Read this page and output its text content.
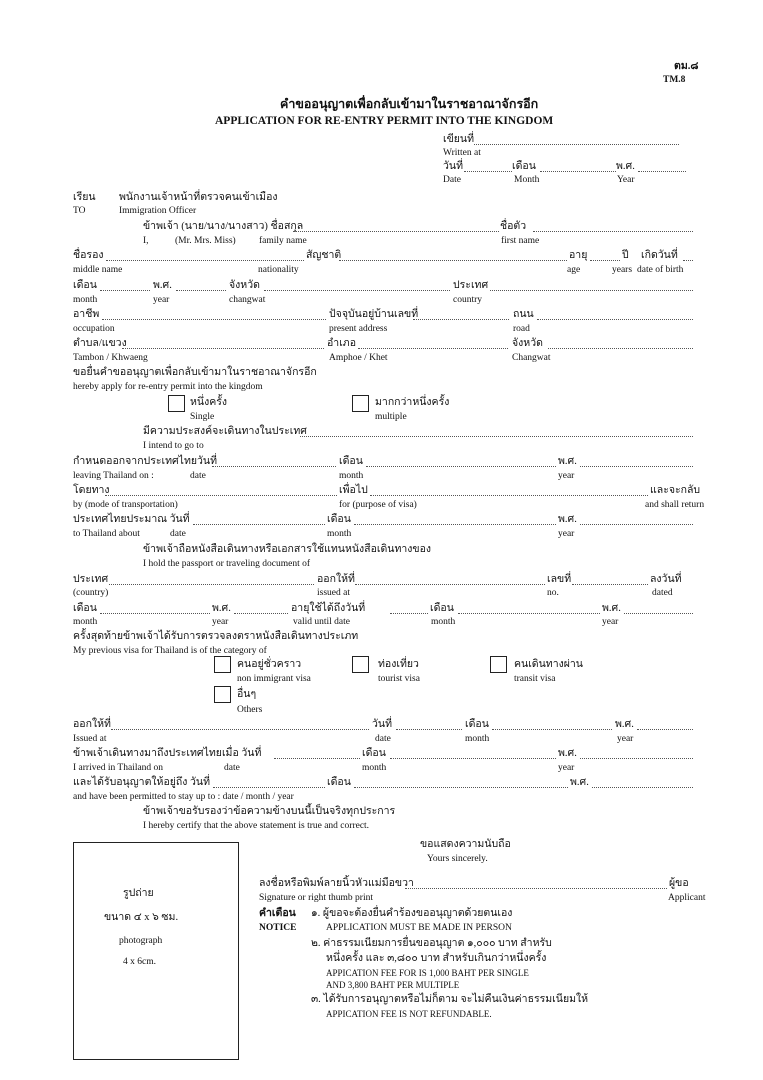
ตม.๘
TM.8
คำขออนุญาตเพื่อกลับเข้ามาในราชอาณาจักรอีก
APPLICATION FOR RE-ENTRY PERMIT INTO THE KINGDOM
เขียนที่
Written at
วันที่	เดือน	พ.ศ.
Date	Month	Year
เรียน พนักงานเจ้าหน้าที่ตรวจคนเข้าเมือง
TO	Immigration Officer
ข้าพเจ้า (นาย/นาง/นางสาว) ชื่อสกุล	ชื่อตัว
I,	(Mr. Mrs. Miss) family name	first name
ชื่อรอง	สัญชาติ	อายุ	ปี เกิดวันที่
middle name	nationality	age	years date of birth
เดือน	พ.ศ.	จังหวัด	ประเทศ
month	year	changwat	country
อาชีพ	ปัจจุบันอยู่บ้านเลขที่	ถนน
occupation	present address	road
ตำบล/แขวง	อำเภอ	จังหวัด
Tambon / Khwaeng	Amphoe / Khet	Changwat
ขอยื่นคำขออนุญาตเพื่อกลับเข้ามาในราชอาณาจักรอีก
hereby apply for re-entry permit into the kingdom
หนึ่งครั้ง
Single
มากกว่าหนึ่งครั้ง
multiple
มีความประสงค์จะเดินทางในประเทศ
I intend to go to
กำหนดออกจากประเทศไทยวันที่	เดือน	พ.ศ.
leaving Thailand on :	date	month	year
โดยทาง	เพื่อไป	และจะกลับ
by (mode of transportation)	for (purpose of visa)	and shall return
ประเทศไทยประมาณ วันที่	เดือน	พ.ศ.
to Thailand about	date	month	year
ข้าพเจ้าถือหนังสือเดินทางหรือเอกสารใช้แทนหนังสือเดินทางของ
I hold the passport or traveling document of
ประเทศ	ออกให้ที่	เลขที่	ลงวันที่
(country)	issued at	no.	dated
เดือน	พ.ศ.	อายุใช้ได้ถึงวันที่	เดือน	พ.ศ.
month	year	valid until date	month	year
ครั้งสุดท้ายข้าพเจ้าได้รับการตรวจลงตราหนังสือเดินทางประเภท
My previous visa for Thailand is of the category of
คนอยู่ชั่วคราว
non immigrant visa
ท่องเที่ยว
tourist visa
คนเดินทางผ่าน
transit visa
อื่นๆ
Others
ออกให้ที่	วันที่	เดือน	พ.ศ.
Issued at	date	month	year
ข้าพเจ้าเดินทางมาถึงประเทศไทยเมื่อ วันที่	เดือน	พ.ศ.
I arrived in Thailand on	date	month	year
และได้รับอนุญาตให้อยู่ถึง วันที่	เดือน	พ.ศ.
and have been permitted to stay up to : date / month / year
ข้าพเจ้าขอรับรองว่าข้อความข้างบนนี้เป็นจริงทุกประการ
I hereby certify that the above statement is true and correct.
รูปถ่าย
ขนาด ๔ x ๖ ซม.
photograph
4 x 6cm.
ขอแสดงความนับถือ
Yours sincerely.
ลงชื่อหรือพิมพ์ลายนิ้วหัวแม่มือขวา	ผู้ขอ
Signature or right thumb print	Applicant
คำเตือน
NOTICE
๑. ผู้ขอจะต้องยื่นคำร้องขออนุญาตด้วยตนเอง
APPLICATION MUST BE MADE IN PERSON
๒. ค่าธรรมเนียมการยื่นขออนุญาต ๑,๐๐๐ บาท สำหรับ
หนึ่งครั้ง และ ๓,๘๐๐ บาท สำหรับเกินกว่าหนึ่งครั้ง
APPICATION FEE FOR IS 1,000 BAHT PER SINGLE
AND 3,800 BAHT PER MULTIPLE
๓. ได้รับการอนุญาตหรือไม่ก็ตาม จะไม่คืนเงินค่าธรรมเนียมให้
APPICATION FEE IS NOT REFUNDABLE.
